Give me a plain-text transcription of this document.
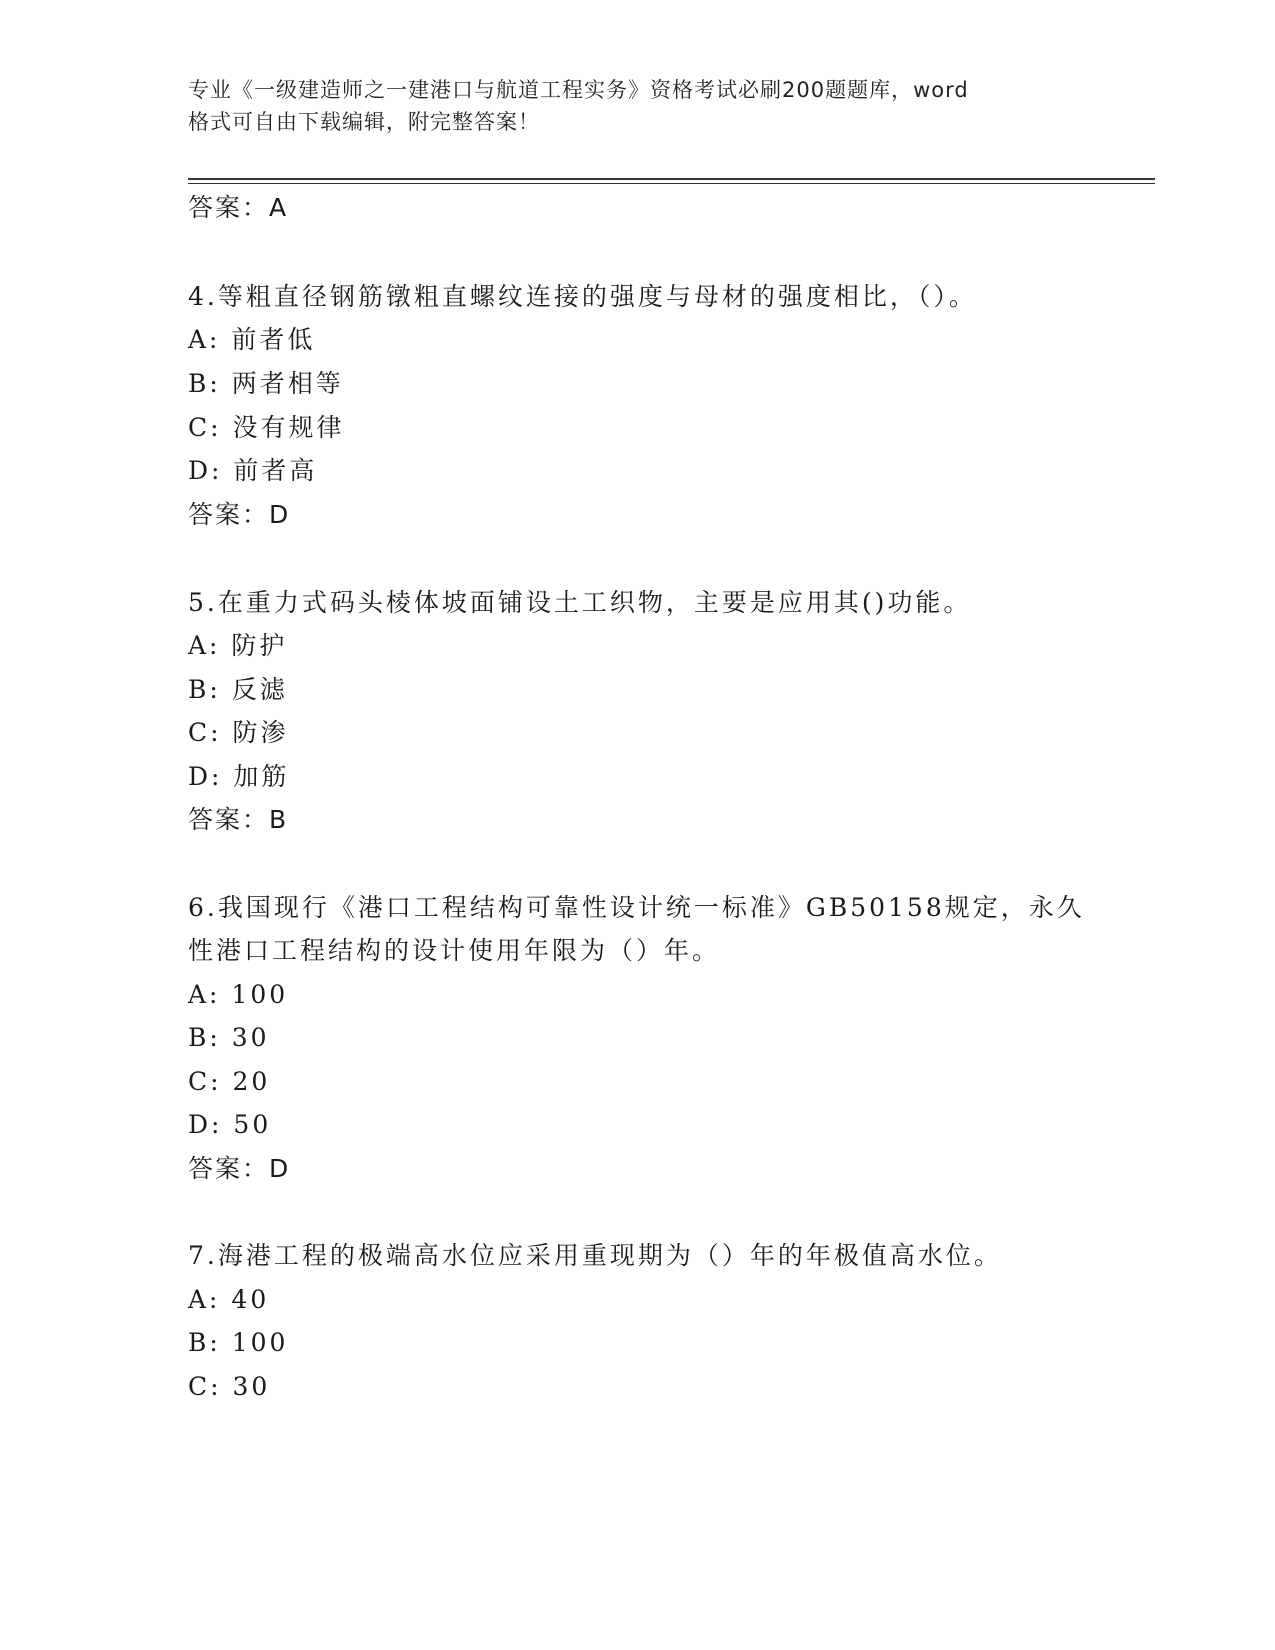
专业《一级建造师之一建港口与航道工程实务》资格考试必刷200题题库，word
格式可自由下载编辑，附完整答案！
答案：A
4.等粗直径钢筋镦粗直螺纹连接的强度与母材的强度相比，（）。
A: 前者低
B: 两者相等
C: 没有规律
D: 前者高
答案：D
5.在重力式码头棱体坡面铺设土工织物，主要是应用其()功能。
A: 防护
B: 反滤
C: 防渗
D: 加筋
答案：B
6.我国现行《港口工程结构可靠性设计统一标准》GB50158规定，永久
性港口工程结构的设计使用年限为（）年。
A: 100
B: 30
C: 20
D: 50
答案：D
7.海港工程的极端高水位应采用重现期为（）年的年极值高水位。
A: 40
B: 100
C: 30
